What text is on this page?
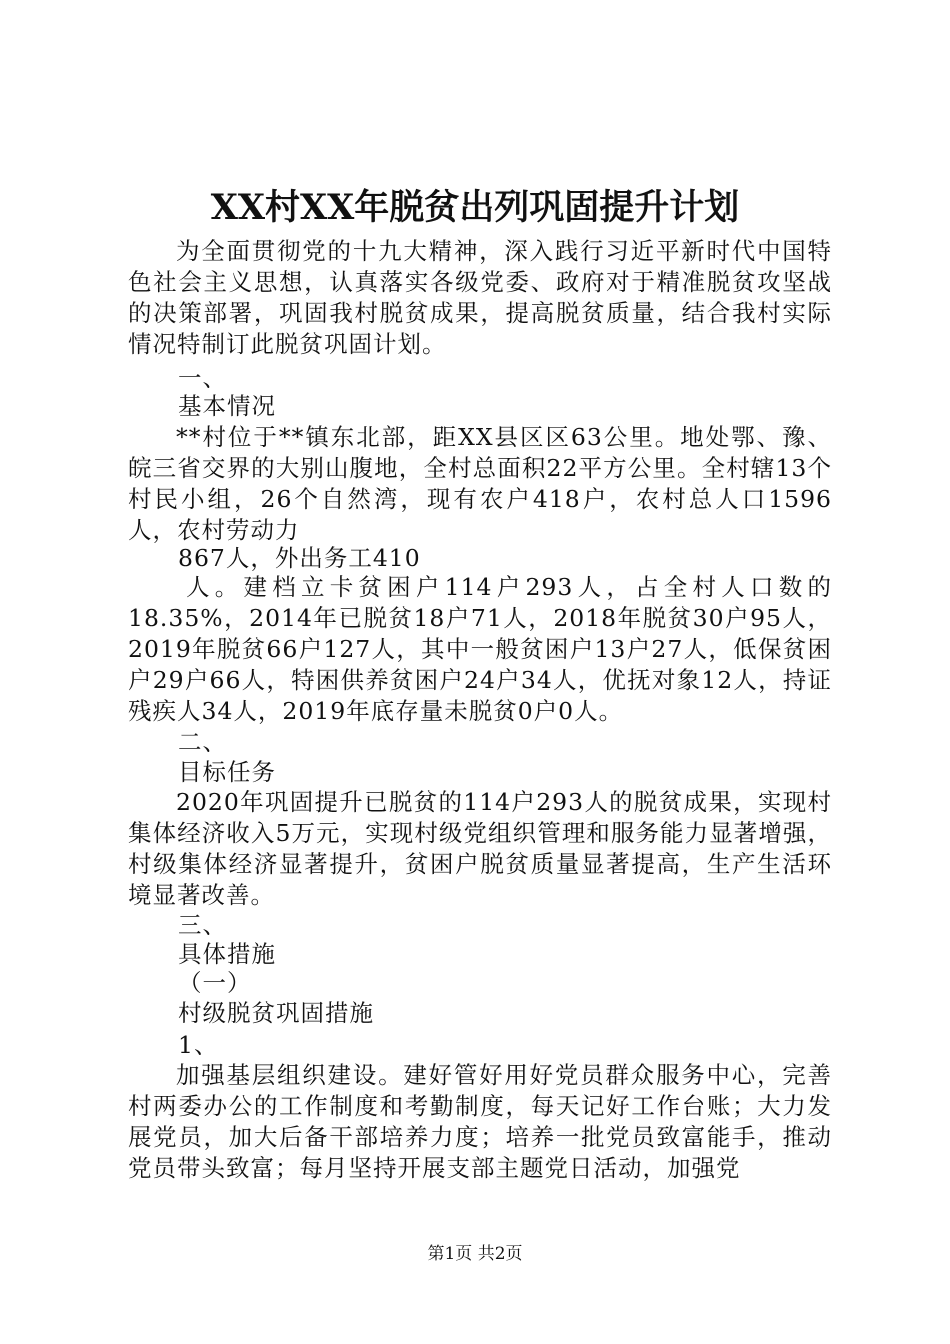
XX村XX年脱贫出列巩固提升计划
为全面贯彻党的十九大精神，深入践行习近平新时代中国特色社会主义思想，认真落实各级党委、政府对于精准脱贫攻坚战的决策部署，巩固我村脱贫成果，提高脱贫质量，结合我村实际情况特制订此脱贫巩固计划。
一、
基本情况
**村位于**镇东北部，距XX县区区63公里。地处鄂、豫、皖三省交界的大别山腹地，全村总面积22平方公里。全村辖13个村民小组，26个自然湾，现有农户418户，农村总人口1596人，农村劳动力
867人，外出务工410
人。建档立卡贫困户114户293人，占全村人口数的18.35%，2014年已脱贫18户71人，2018年脱贫30户95人，2019年脱贫66户127人，其中一般贫困户13户27人，低保贫困户29户66人，特困供养贫困户24户34人，优抚对象12人，持证残疾人34人，2019年底存量未脱贫0户0人。
二、
目标任务
2020年巩固提升已脱贫的114户293人的脱贫成果，实现村集体经济收入5万元，实现村级党组织管理和服务能力显著增强，村级集体经济显著提升，贫困户脱贫质量显著提高，生产生活环境显著改善。
三、
具体措施
（一）
村级脱贫巩固措施
1、
加强基层组织建设。建好管好用好党员群众服务中心，完善村两委办公的工作制度和考勤制度，每天记好工作台账；大力发展党员，加大后备干部培养力度；培养一批党员致富能手，推动党员带头致富；每月坚持开展支部主题党日活动，加强党
第1页 共2页
